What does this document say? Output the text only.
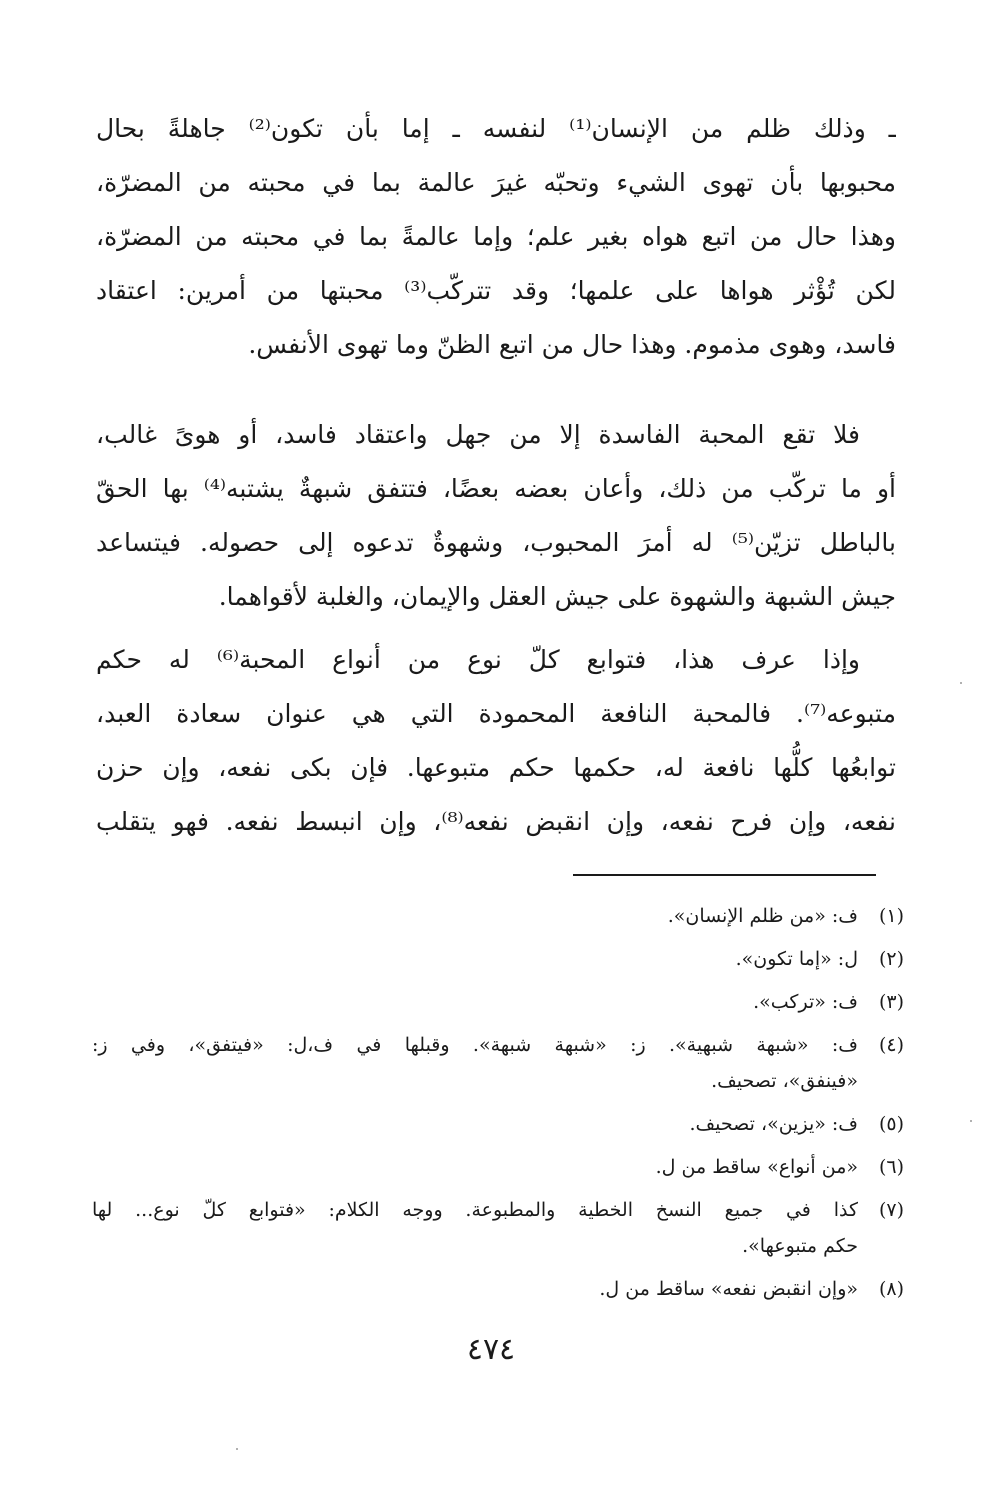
ـ وذلك ظلم من الإنسان⁽¹⁾ لنفسه ـ إما بأن تكون⁽²⁾ جاهلةً بحال
محبوبها بأن تهوى الشيء وتحبّه غيرَ عالمة بما في محبته من المضرّة،
وهذا حال من اتبع هواه بغير علم؛ وإما عالمةً بما في محبته من المضرّة،
لكن تُؤْثر هواها على علمها؛ وقد تتركّب⁽³⁾ محبتها من أمرين: اعتقاد
فاسد، وهوى مذموم. وهذا حال من اتبع الظنّ وما تهوى الأنفس.
فلا تقع المحبة الفاسدة إلا من جهل واعتقاد فاسد، أو هوىً غالب،
أو ما تركّب من ذلك، وأعان بعضه بعضًا، فتتفق شبهةٌ يشتبه⁽⁴⁾ بها الحقّ
بالباطل تزيّن⁽⁵⁾ له أمرَ المحبوب، وشهوةٌ تدعوه إلى حصوله. فيتساعد
جيش الشبهة والشهوة على جيش العقل والإيمان، والغلبة لأقواهما.
وإذا عرف هذا، فتوابع كلّ نوع من أنواع المحبة⁽⁶⁾ له حكم
متبوعه⁽⁷⁾. فالمحبة النافعة المحمودة التي هي عنوان سعادة العبد،
توابعُها كلُّها نافعة له، حكمها حكم متبوعها. فإن بكى نفعه، وإن حزن
نفعه، وإن فرح نفعه، وإن انقبض نفعه⁽⁸⁾، وإن انبسط نفعه. فهو يتقلب
(١)
ف: «من ظلم الإنسان».
(٢)
ل: «إما تكون».
(٣)
ف: «تركب».
(٤)
ف: «شبهة شبهية». ز: «شبهة شبهة». وقبلها في ف،ل: «فيتفق»، وفي ز:
«فينفق»، تصحيف.
(٥)
ف: «يزين»، تصحيف.
(٦)
«من أنواع» ساقط من ل.
(٧)
كذا في جميع النسخ الخطية والمطبوعة. ووجه الكلام: «فتوابع كلّ نوع... لها
حكم متبوعها».
(٨)
«وإن انقبض نفعه» ساقط من ل.
٤٧٤
